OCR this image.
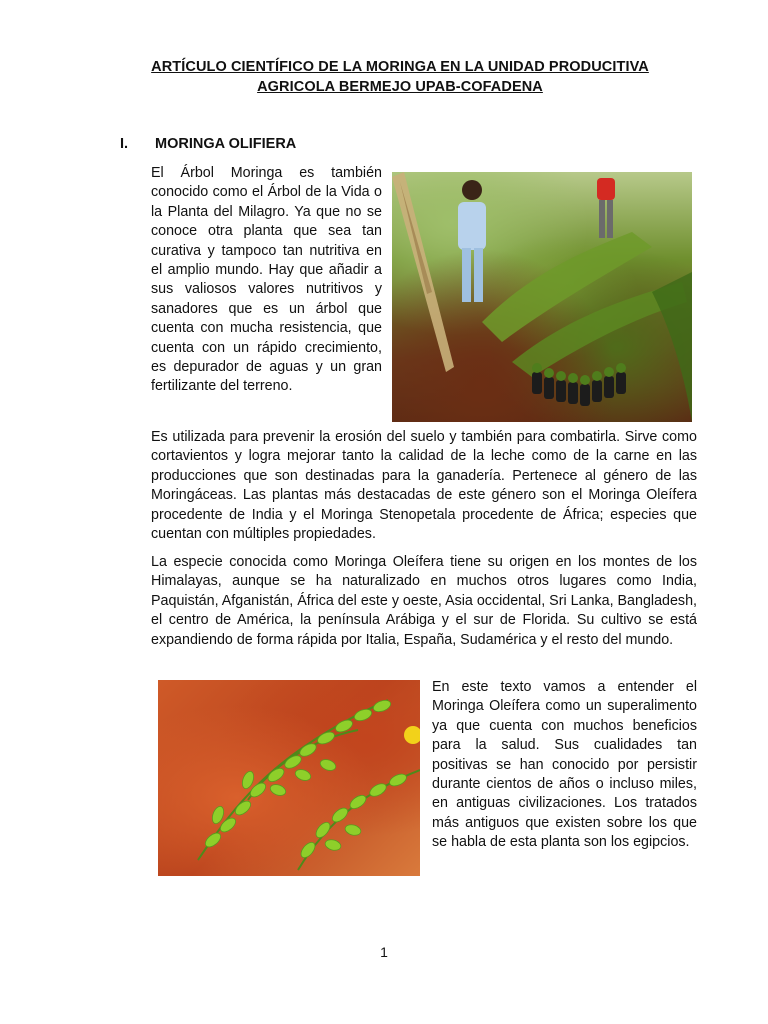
ARTÍCULO CIENTÍFICO DE LA MORINGA EN LA UNIDAD PRODUCITIVA
AGRICOLA BERMEJO UPAB-COFADENA
I. MORINGA OLIFIERA

El Árbol Moringa es también conocido como el Árbol de la Vida o la Planta del Milagro. Ya que no se conoce otra planta que sea tan curativa y tampoco tan nutritiva en el amplio mundo. Hay que añadir a sus valiosos valores nutritivos y sanadores que es un árbol que cuenta con mucha resistencia, que cuenta con un rápido crecimiento, es depurador de aguas y un gran fertilizante del terreno.

Es utilizada para prevenir la erosión del suelo y también para combatirla. Sirve como cortavientos y logra mejorar tanto la calidad de la leche como de la carne en las producciones que son destinadas para la ganadería. Pertenece al género de las Moringáceas. Las plantas más destacadas de este género son el Moringa Oleífera procedente de India y el Moringa Stenopetala procedente de África; especies que cuentan con múltiples propiedades.

La especie conocida como Moringa Oleífera tiene su origen en los montes de los Himalayas, aunque se ha naturalizado en muchos otros lugares como India, Paquistán, Afganistán, África del este y oeste, Asia occidental, Sri Lanka, Bangladesh, el centro de América, la península Arábiga y el sur de Florida. Su cultivo se está expandiendo de forma rápida por Italia, España, Sudamérica y el resto del mundo.

En este texto vamos a entender el Moringa Oleífera como un superalimento ya que cuenta con muchos beneficios para la salud. Sus cualidades tan positivas se han conocido por persistir durante cientos de años o incluso miles, en antiguas civilizaciones. Los tratados más antiguos que existen sobre los que se habla de esta planta son los egipcios.

1
